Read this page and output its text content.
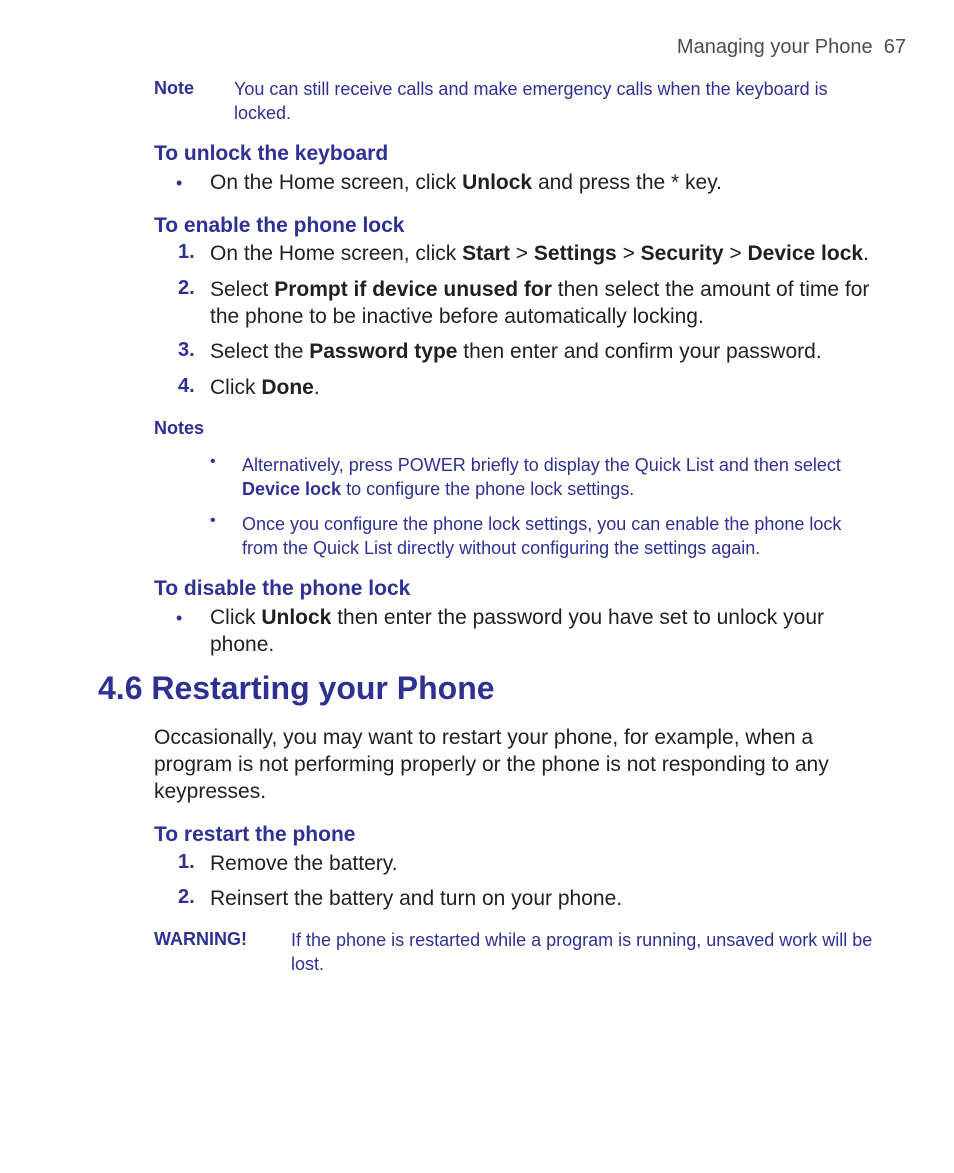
Managing your Phone 67
Note You can still receive calls and make emergency calls when the keyboard is locked.
To unlock the keyboard
• On the Home screen, click Unlock and press the * key.
To enable the phone lock
1. On the Home screen, click Start > Settings > Security > Device lock.
2. Select Prompt if device unused for then select the amount of time for the phone to be inactive before automatically locking.
3. Select the Password type then enter and confirm your password.
4. Click Done.
Notes
• Alternatively, press POWER briefly to display the Quick List and then select Device lock to configure the phone lock settings.
• Once you configure the phone lock settings, you can enable the phone lock from the Quick List directly without configuring the settings again.
To disable the phone lock
• Click Unlock then enter the password you have set to unlock your phone.
4.6 Restarting your Phone
Occasionally, you may want to restart your phone, for example, when a program is not performing properly or the phone is not responding to any keypresses.
To restart the phone
1. Remove the battery.
2. Reinsert the battery and turn on your phone.
WARNING! If the phone is restarted while a program is running, unsaved work will be lost.
